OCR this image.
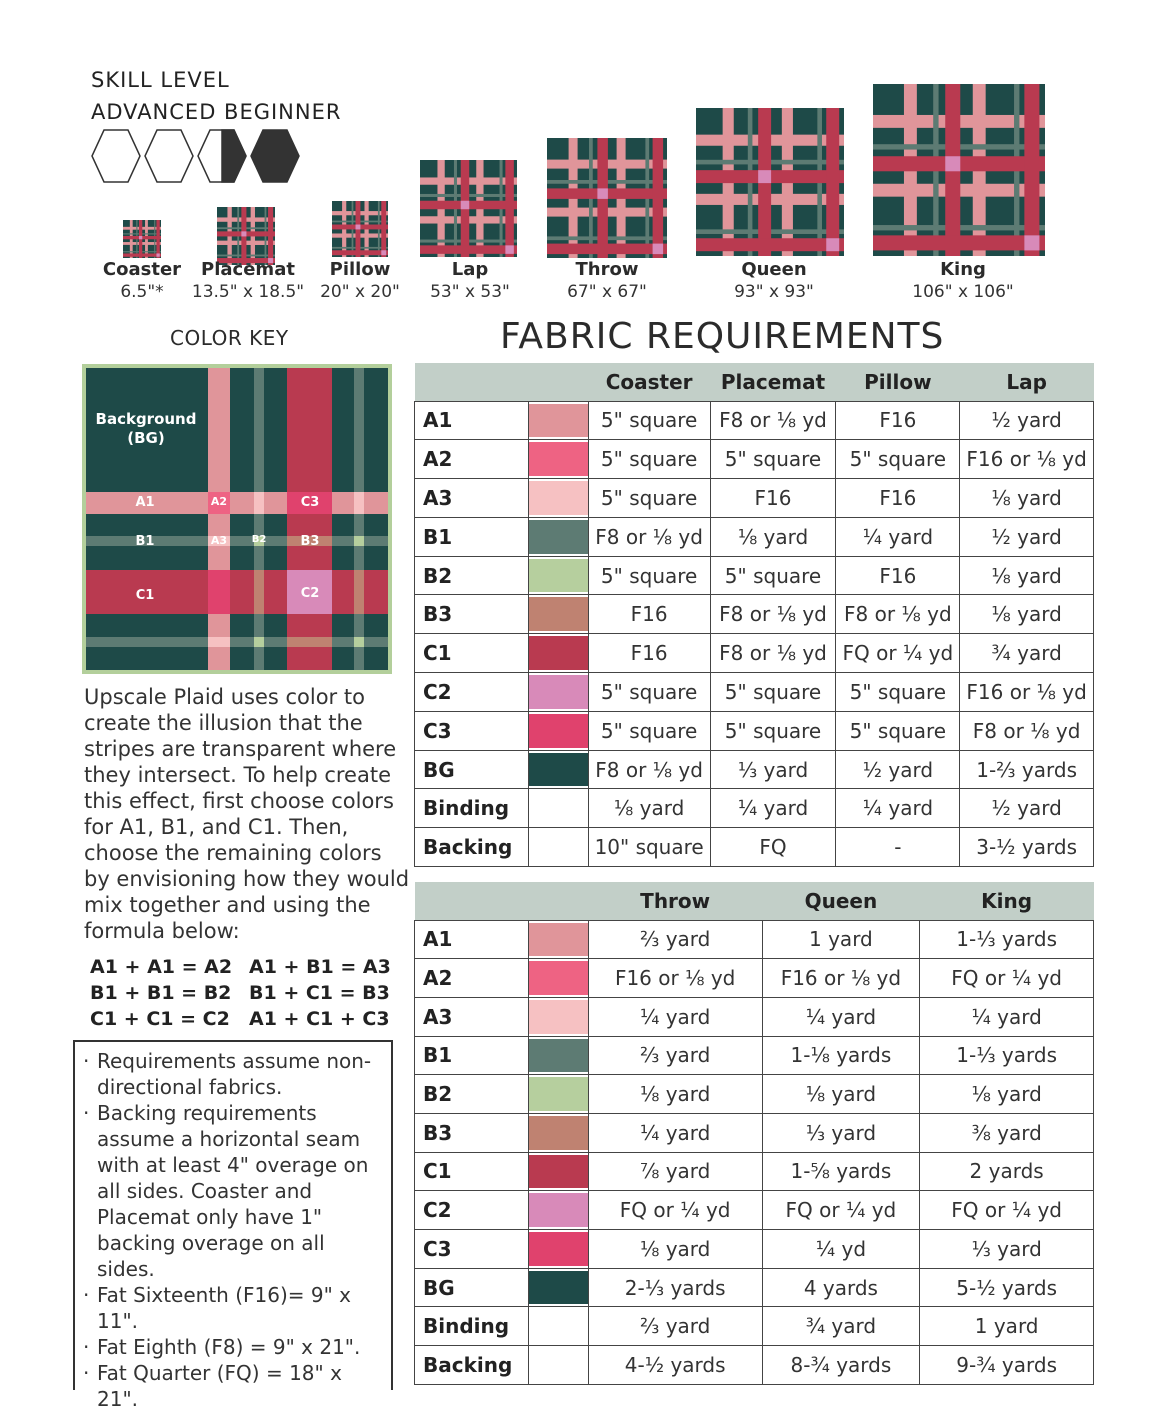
SKILL LEVEL
ADVANCED BEGINNER
Coaster
6.5"*
Placemat
13.5" x 18.5"
Pillow
20" x 20"
Lap
53" x 53"
Throw
67" x 67"
Queen
93" x 93"
King
106" x 106"
COLOR KEY	FABRIC REQUIREMENTS
Background
(BG)
A1	A2	C3
B1	A3	B2	B3
C1	C2
Upscale Plaid uses color to create the illusion that the stripes are transparent where they intersect. To help create this effect, first choose colors for A1, B1, and C1. Then, choose the remaining colors by envisioning how they would mix together and using the formula below:
A1 + A1 = A2 A1 + B1 = A3
B1 + B1 = B2 B1 + C1 = B3
C1 + C1 = C2	A1 + C1 + C3
· Requirements assume non-directional fabrics.
· Backing requirements assume a horizontal seam with at least 4" overage on all sides. Coaster and Placemat only have 1" backing overage on all sides.
· Fat Sixteenth (F16)= 9" x 11".
· Fat Eighth (F8) = 9" x 21".
· Fat Quarter (FQ) = 18" x 21".
		Coaster	Placemat	Pillow	Lap
A1		5" square	F8 or ⅛ yd	F16	½ yard
A2		5" square	5" square	5" square	F16 or ⅛ yd
A3		5" square	F16	F16	⅛ yard
B1		F8 or ⅛ yd	⅛ yard	¼ yard	½ yard
B2		5" square	5" square	F16	⅛ yard
B3		F16	F8 or ⅛ yd	F8 or ⅛ yd	⅛ yard
C1		F16	F8 or ⅛ yd	FQ or ¼ yd	¾ yard
C2		5" square	5" square	5" square	F16 or ⅛ yd
C3		5" square	5" square	5" square	F8 or ⅛ yd
BG		F8 or ⅛ yd	⅓ yard	½ yard	1-⅔ yards
Binding		⅛ yard	¼ yard	¼ yard	½ yard
Backing		10" square	FQ	-	3-½ yards
		Throw	Queen	King
A1		⅔ yard	1 yard	1-⅓ yards
A2		F16 or ⅛ yd	F16 or ⅛ yd	FQ or ¼ yd
A3		¼ yard	¼ yard	¼ yard
B1		⅔ yard	1-⅛ yards	1-⅓ yards
B2		⅛ yard	⅛ yard	⅛ yard
B3		¼ yard	⅓ yard	⅜ yard
C1		⅞ yard	1-⅝ yards	2 yards
C2		FQ or ¼ yd	FQ or ¼ yd	FQ or ¼ yd
C3		⅛ yard	¼ yd	⅓ yard
BG		2-⅓ yards	4 yards	5-½ yards
Binding		⅔ yard	¾ yard	1 yard
Backing		4-½ yards	8-¾ yards	9-¾ yards
